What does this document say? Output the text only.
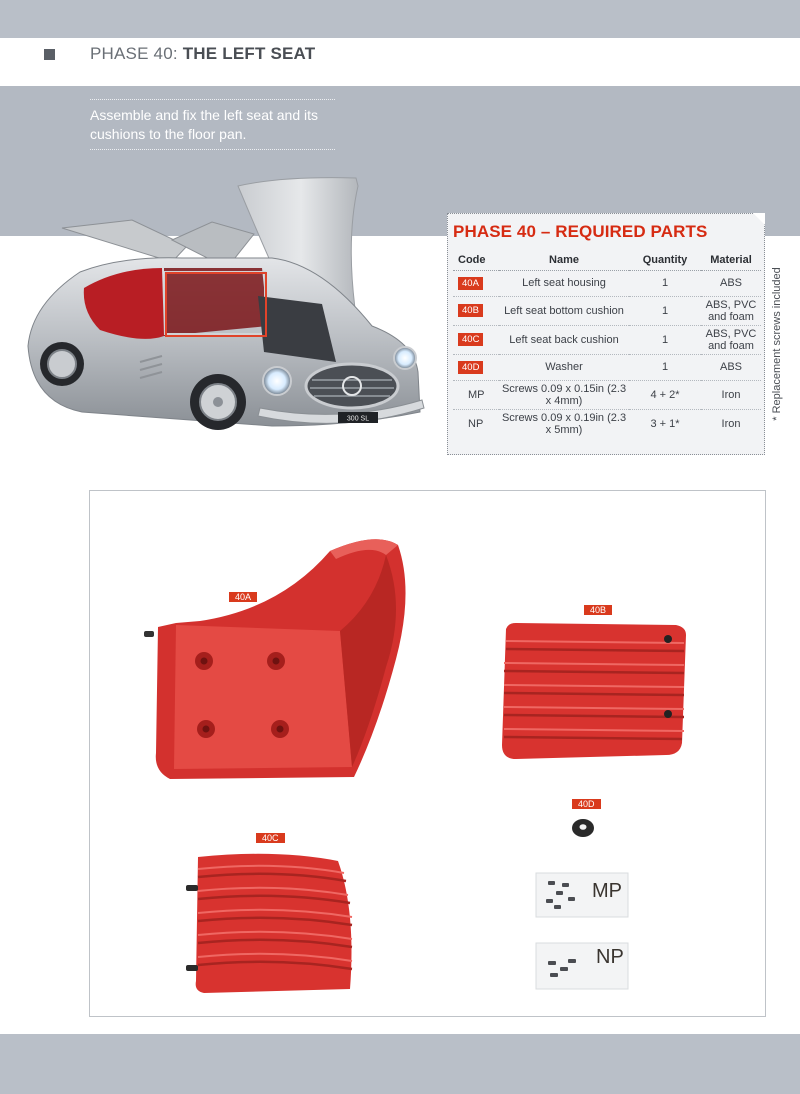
PHASE 40: THE LEFT SEAT
Assemble and fix the left seat and its cushions to the floor pan.
300 SL
PHASE 40 – REQUIRED PARTS
Code	Name	Quantity	Material
40A	Left seat housing	1	ABS
40B	Left seat bottom cushion	1	ABS, PVC and foam
40C	Left seat back cushion	1	ABS, PVC and foam
40D	Washer	1	ABS
MP	Screws 0.09 x 0.15in (2.3 x 4mm)	4 + 2*	Iron
NP	Screws 0.09 x 0.19in (2.3 x 5mm)	3 + 1*	Iron
* Replacement screws included
40A
40B
40D
40C
MP
NP
